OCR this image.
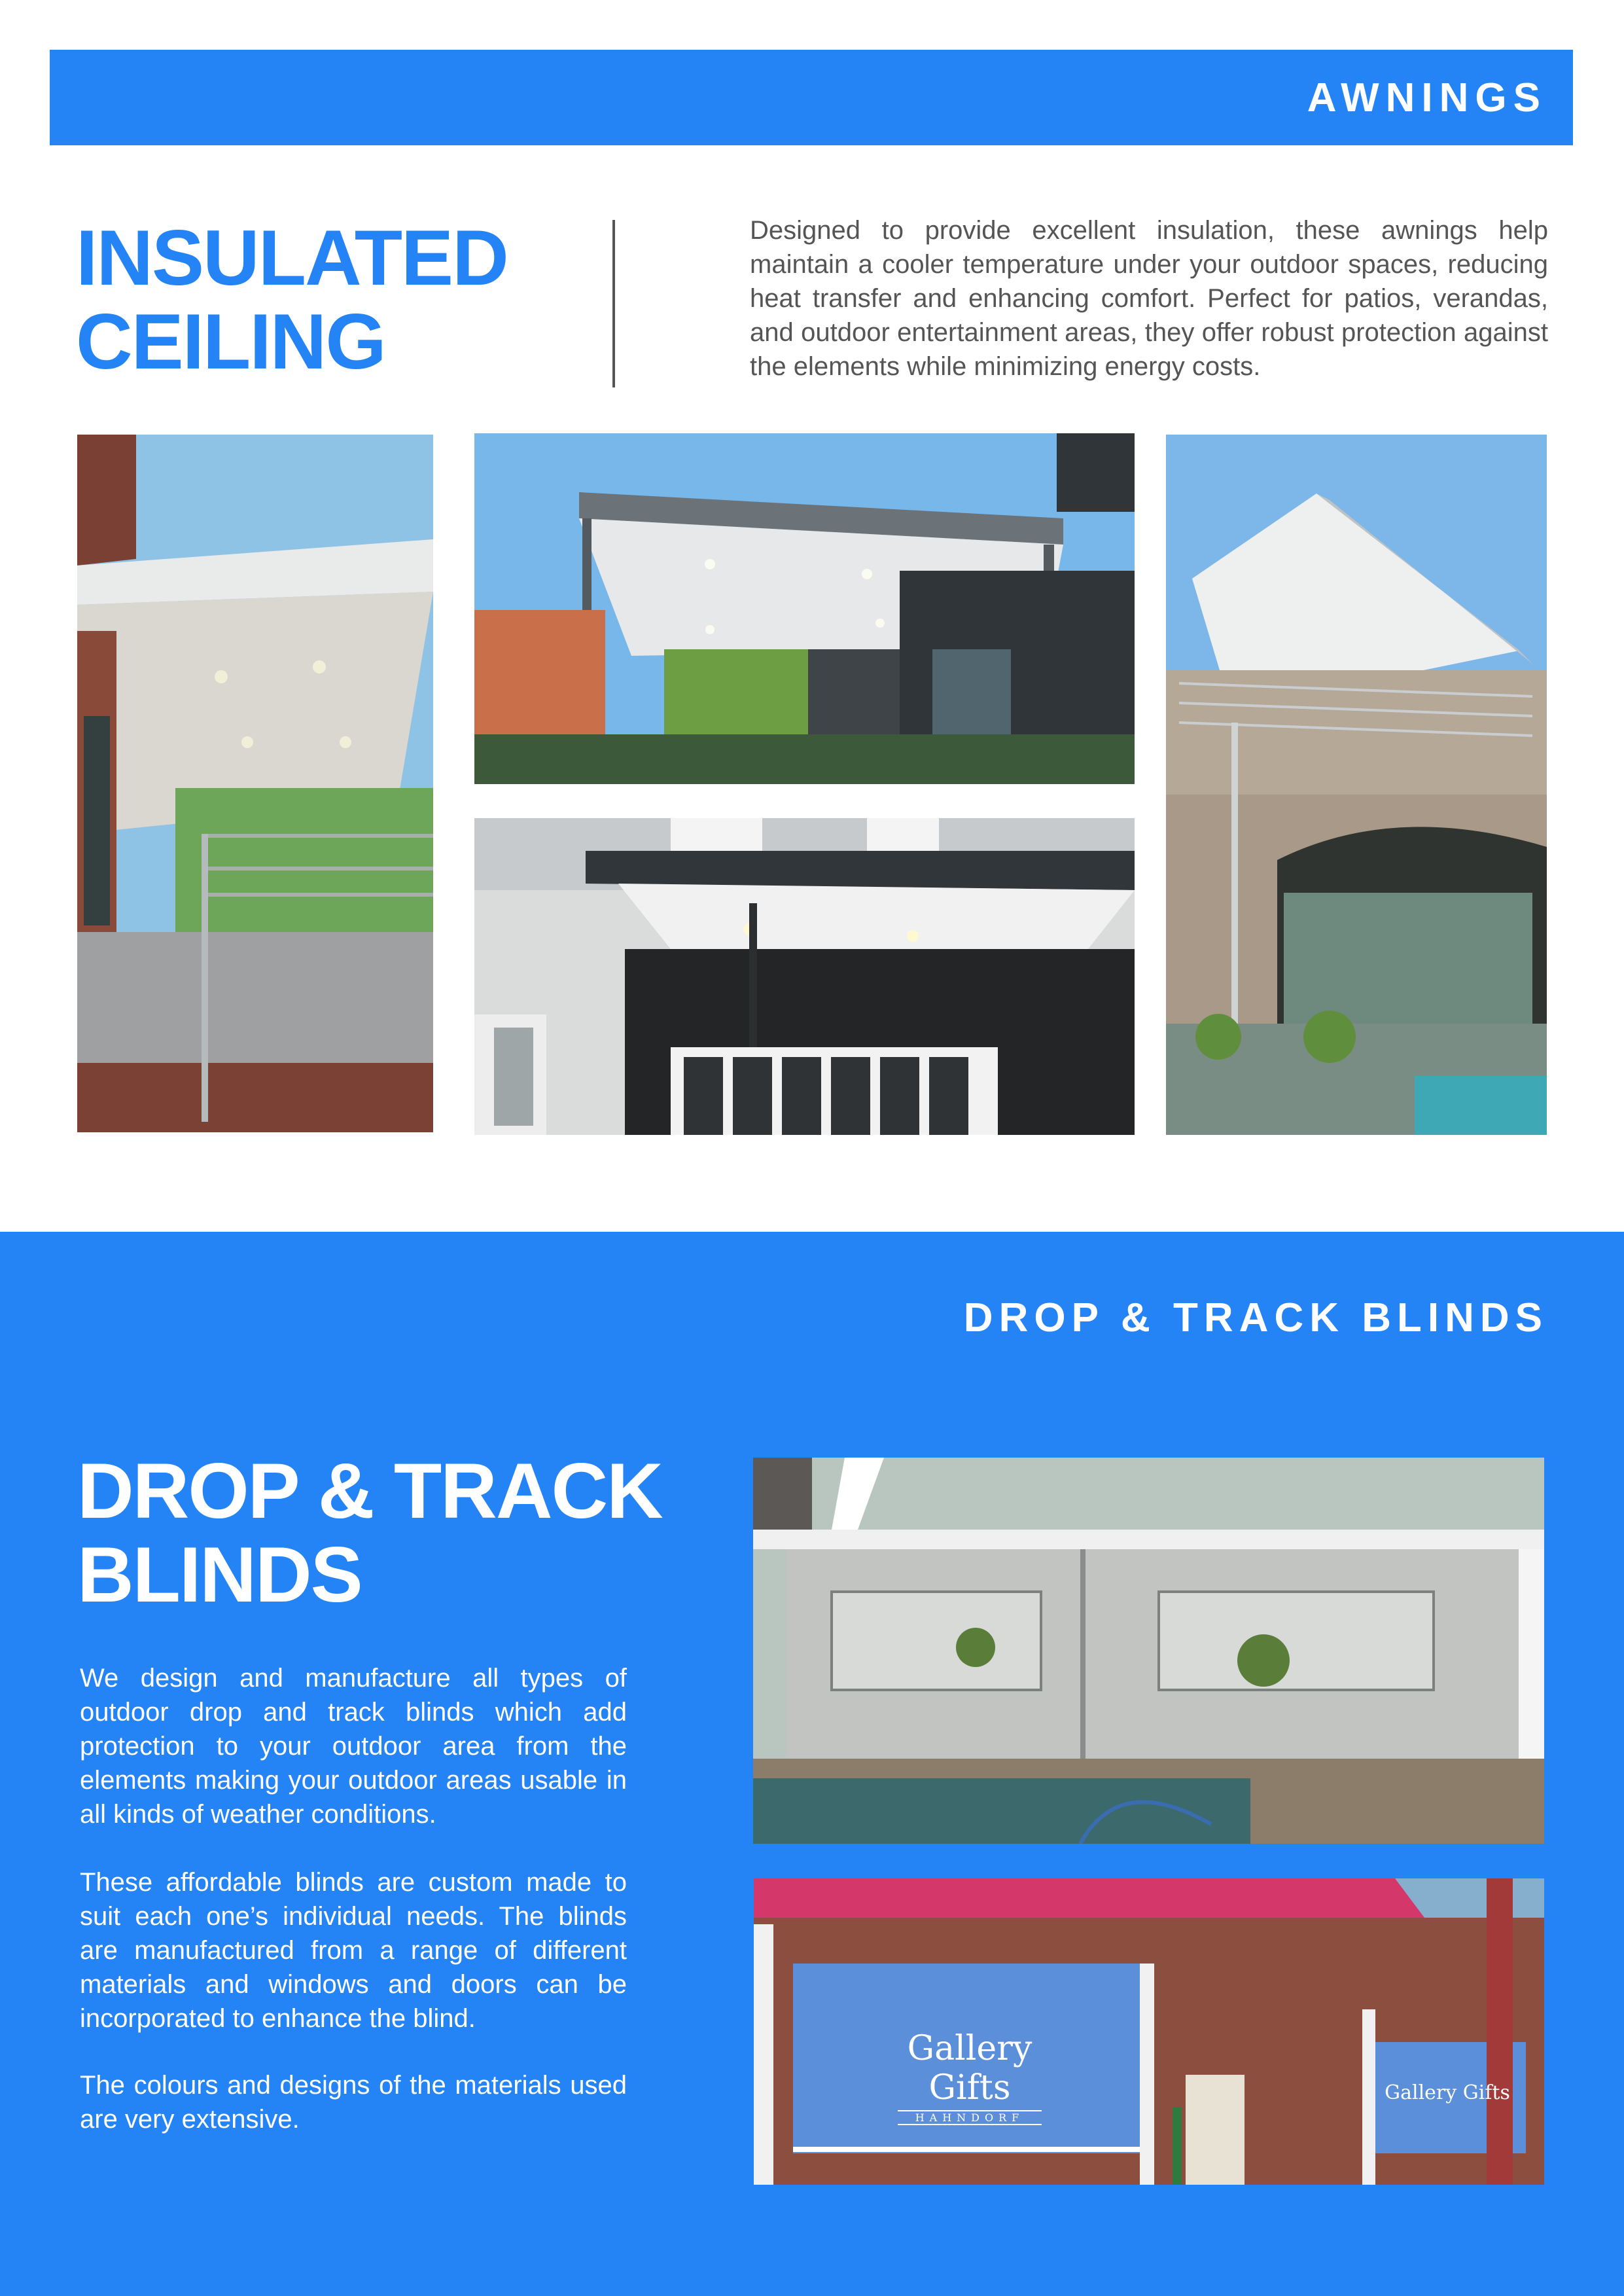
AWNINGS
INSULATED
CEILING
Designed to provide excellent insulation, these awnings help maintain a cooler temperature under your outdoor spaces, reducing heat transfer and enhancing comfort. Perfect for patios, verandas, and outdoor entertainment areas, they offer robust protection against the elements while minimizing energy costs.
DROP & TRACK BLINDS
DROP & TRACK
BLINDS

We design and manufacture all types of outdoor drop and track blinds which add protection to your outdoor area from the elements making your outdoor areas usable in all kinds of weather conditions.

These affordable blinds are custom made to suit each one’s individual needs. The blinds are manufactured from a range of different materials and windows and doors can be incorporated to enhance the blind.

The colours and designs of the materials used are very extensive.

Gallery Gifts
HAHNDORF
Gallery Gifts
